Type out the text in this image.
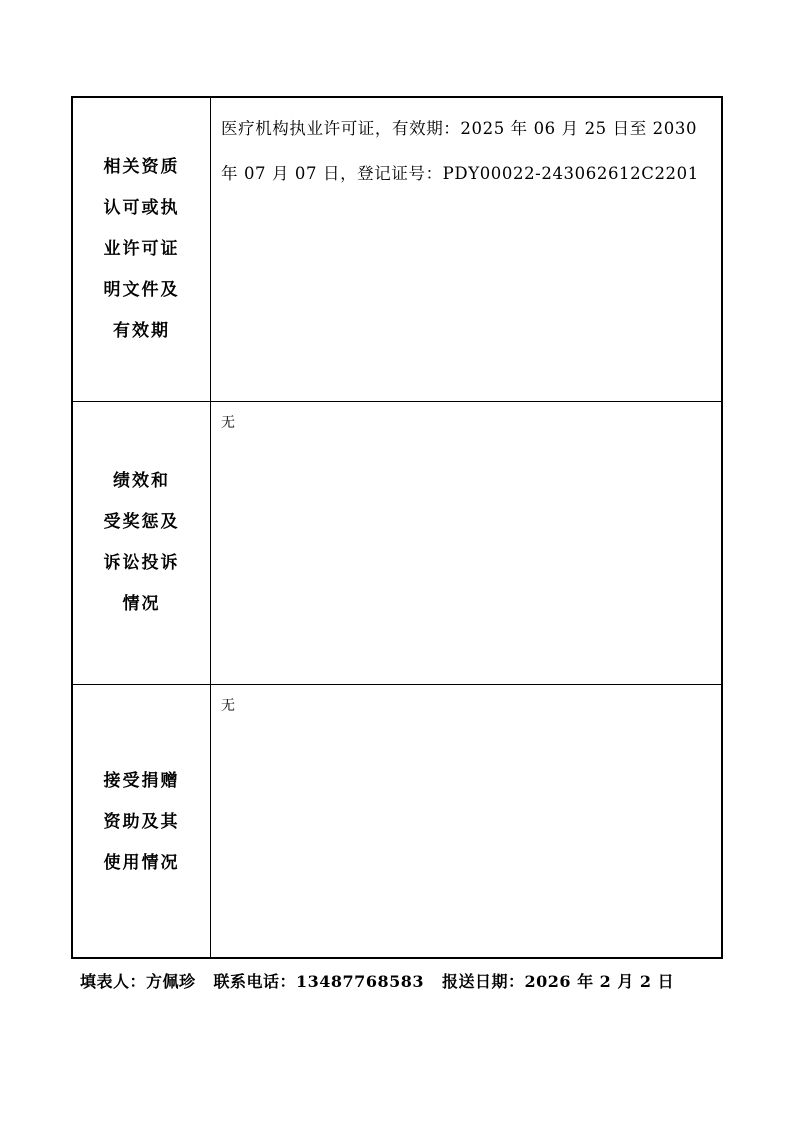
相关资质
认可或执
业许可证
明文件及
有效期
医疗机构执业许可证，有效期：2025 年 06 月 25 日至 2030 年 07 月 07 日，登记证号：PDY00022-243062612C2201
绩效和
受奖惩及
诉讼投诉
情况
无
接受捐赠
资助及其
使用情况
无
填表人：方佩珍 联系电话：13487768583 报送日期：2026 年 2 月 2 日
